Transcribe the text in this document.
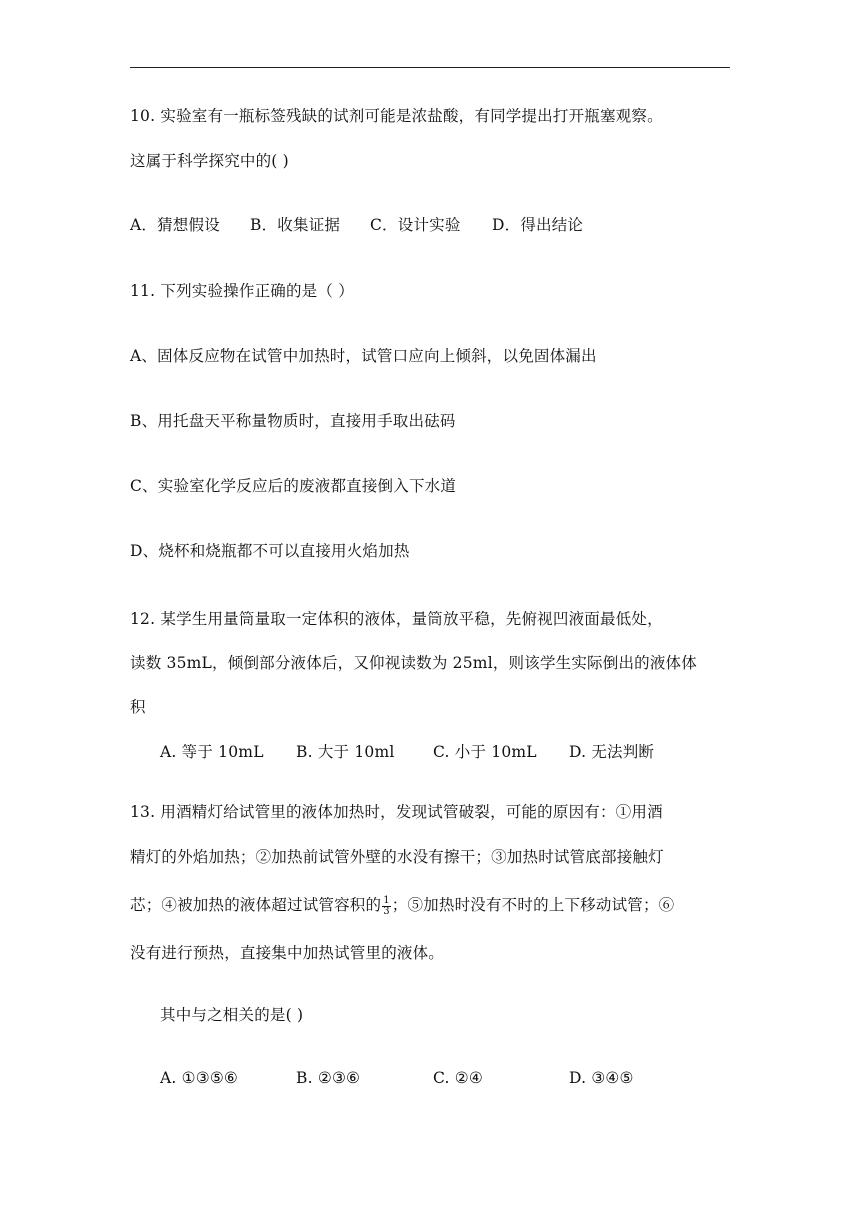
10. 实验室有一瓶标签残缺的试剂可能是浓盐酸，有同学提出打开瓶塞观察。
这属于科学探究中的( )
A．猜想假设 B．收集证据 C．设计实验 D．得出结论
11. 下列实验操作正确的是（ ）
A、固体反应物在试管中加热时，试管口应向上倾斜，以免固体漏出
B、用托盘天平称量物质时，直接用手取出砝码
C、实验室化学反应后的废液都直接倒入下水道
D、烧杯和烧瓶都不可以直接用火焰加热
12. 某学生用量筒量取一定体积的液体，量筒放平稳，先俯视凹液面最低处，
读数 35mL，倾倒部分液体后，又仰视读数为 25ml，则该学生实际倒出的液体体
积
A. 等于 10mL B. 大于 10ml C. 小于 10mL D. 无法判断
13. 用酒精灯给试管里的液体加热时，发现试管破裂，可能的原因有：①用酒
精灯的外焰加热；②加热前试管外壁的水没有擦干；③加热时试管底部接触灯
芯；④被加热的液体超过试管容积的 $\frac{1}{3}$ ；⑤加热时没有不时的上下移动试管；⑥
没有进行预热，直接集中加热试管里的液体。
其中与之相关的是( )
A. ①③⑤⑥	B. ②③⑥	C. ②④	D. ③④⑤
